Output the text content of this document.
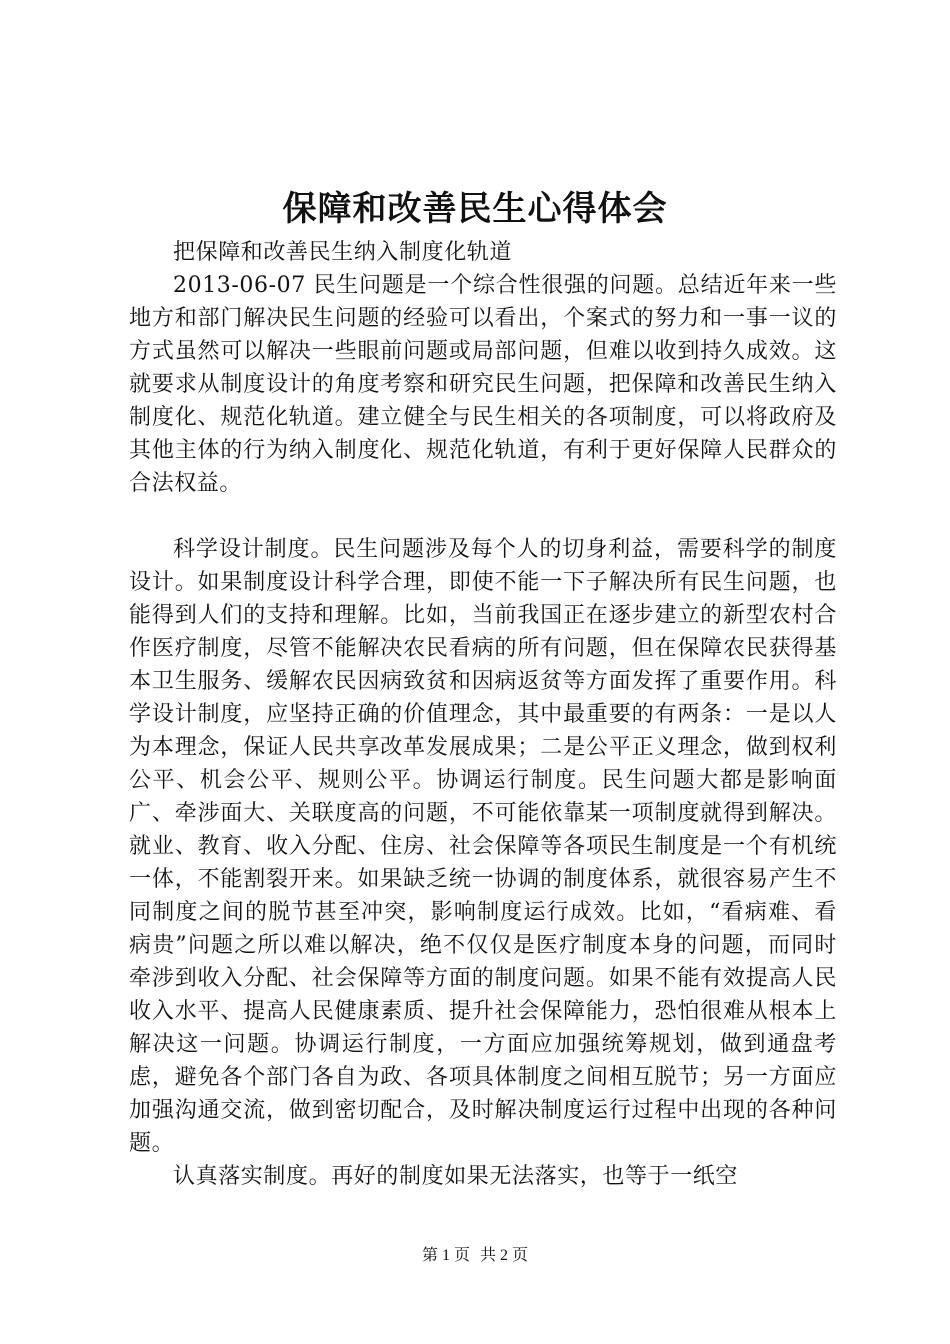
保障和改善民生心得体会

把保障和改善民生纳入制度化轨道

2013-06-07 民生问题是一个综合性很强的问题。总结近年来一些地方和部门解决民生问题的经验可以看出，个案式的努力和一事一议的方式虽然可以解决一些眼前问题或局部问题，但难以收到持久成效。这就要求从制度设计的角度考察和研究民生问题，把保障和改善民生纳入制度化、规范化轨道。建立健全与民生相关的各项制度，可以将政府及其他主体的行为纳入制度化、规范化轨道，有利于更好保障人民群众的合法权益。

科学设计制度。民生问题涉及每个人的切身利益，需要科学的制度设计。如果制度设计科学合理，即使不能一下子解决所有民生问题，也能得到人们的支持和理解。比如，当前我国正在逐步建立的新型农村合作医疗制度，尽管不能解决农民看病的所有问题，但在保障农民获得基本卫生服务、缓解农民因病致贫和因病返贫等方面发挥了重要作用。科学设计制度，应坚持正确的价值理念，其中最重要的有两条：一是以人为本理念，保证人民共享改革发展成果；二是公平正义理念，做到权利公平、机会公平、规则公平。协调运行制度。民生问题大都是影响面广、牵涉面大、关联度高的问题，不可能依靠某一项制度就得到解决。就业、教育、收入分配、住房、社会保障等各项民生制度是一个有机统一体，不能割裂开来。如果缺乏统一协调的制度体系，就很容易产生不同制度之间的脱节甚至冲突，影响制度运行成效。比如，“看病难、看病贵”问题之所以难以解决，绝不仅仅是医疗制度本身的问题，而同时牵涉到收入分配、社会保障等方面的制度问题。如果不能有效提高人民收入水平、提高人民健康素质、提升社会保障能力，恐怕很难从根本上解决这一问题。协调运行制度，一方面应加强统筹规划，做到通盘考虑，避免各个部门各自为政、各项具体制度之间相互脱节；另一方面应加强沟通交流，做到密切配合，及时解决制度运行过程中出现的各种问题。

认真落实制度。再好的制度如果无法落实，也等于一纸空

第 1 页 共 2 页
